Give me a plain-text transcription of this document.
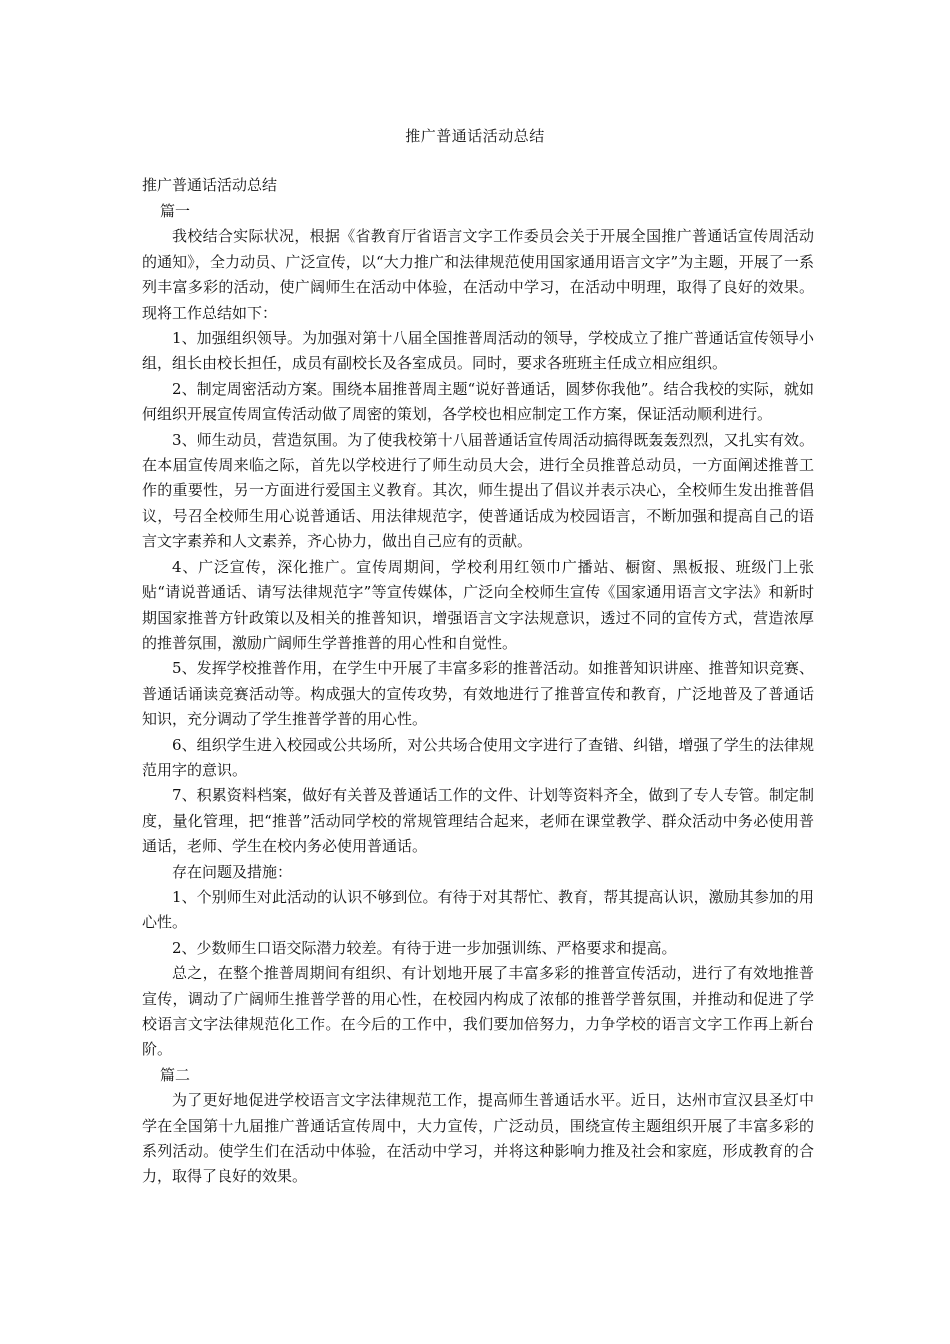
推广普通话活动总结
推广普通话活动总结

篇一

我校结合实际状况，根据《省教育厅省语言文字工作委员会关于开展全国推广普通话宣传周活动的通知》，全力动员、广泛宣传，以“大力推广和法律规范使用国家通用语言文字”为主题，开展了一系列丰富多彩的活动，使广阔师生在活动中体验，在活动中学习，在活动中明理，取得了良好的效果。现将工作总结如下：

1、加强组织领导。为加强对第十八届全国推普周活动的领导，学校成立了推广普通话宣传领导小组，组长由校长担任，成员有副校长及各室成员。同时，要求各班班主任成立相应组织。

2、制定周密活动方案。围绕本届推普周主题“说好普通话，圆梦你我他”。结合我校的实际，就如何组织开展宣传周宣传活动做了周密的策划，各学校也相应制定工作方案，保证活动顺利进行。

3、师生动员，营造氛围。为了使我校第十八届普通话宣传周活动搞得既轰轰烈烈，又扎实有效。在本届宣传周来临之际，首先以学校进行了师生动员大会，进行全员推普总动员，一方面阐述推普工作的重要性，另一方面进行爱国主义教育。其次，师生提出了倡议并表示决心，全校师生发出推普倡议，号召全校师生用心说普通话、用法律规范字，使普通话成为校园语言，不断加强和提高自己的语言文字素养和人文素养，齐心协力，做出自己应有的贡献。

4、广泛宣传，深化推广。宣传周期间，学校利用红领巾广播站、橱窗、黑板报、班级门上张贴“请说普通话、请写法律规范字”等宣传媒体，广泛向全校师生宣传《国家通用语言文字法》和新时期国家推普方针政策以及相关的推普知识，增强语言文字法规意识，透过不同的宣传方式，营造浓厚的推普氛围，激励广阔师生学普推普的用心性和自觉性。

5、发挥学校推普作用，在学生中开展了丰富多彩的推普活动。如推普知识讲座、推普知识竞赛、普通话诵读竞赛活动等。构成强大的宣传攻势，有效地进行了推普宣传和教育，广泛地普及了普通话知识，充分调动了学生推普学普的用心性。

6、组织学生进入校园或公共场所，对公共场合使用文字进行了查错、纠错，增强了学生的法律规范用字的意识。

7、积累资料档案，做好有关普及普通话工作的文件、计划等资料齐全，做到了专人专管。制定制度，量化管理，把“推普”活动同学校的常规管理结合起来，老师在课堂教学、群众活动中务必使用普通话，老师、学生在校内务必使用普通话。

存在问题及措施：

1、个别师生对此活动的认识不够到位。有待于对其帮忙、教育，帮其提高认识，激励其参加的用心性。

2、少数师生口语交际潜力较差。有待于进一步加强训练、严格要求和提高。

总之，在整个推普周期间有组织、有计划地开展了丰富多彩的推普宣传活动，进行了有效地推普宣传，调动了广阔师生推普学普的用心性，在校园内构成了浓郁的推普学普氛围，并推动和促进了学校语言文字法律规范化工作。在今后的工作中，我们要加倍努力，力争学校的语言文字工作再上新台阶。

篇二

为了更好地促进学校语言文字法律规范工作，提高师生普通话水平。近日，达州市宣汉县圣灯中学在全国第十九届推广普通话宣传周中，大力宣传，广泛动员，围绕宣传主题组织开展了丰富多彩的系列活动。使学生们在活动中体验，在活动中学习，并将这种影响力推及社会和家庭，形成教育的合力，取得了良好的效果。
